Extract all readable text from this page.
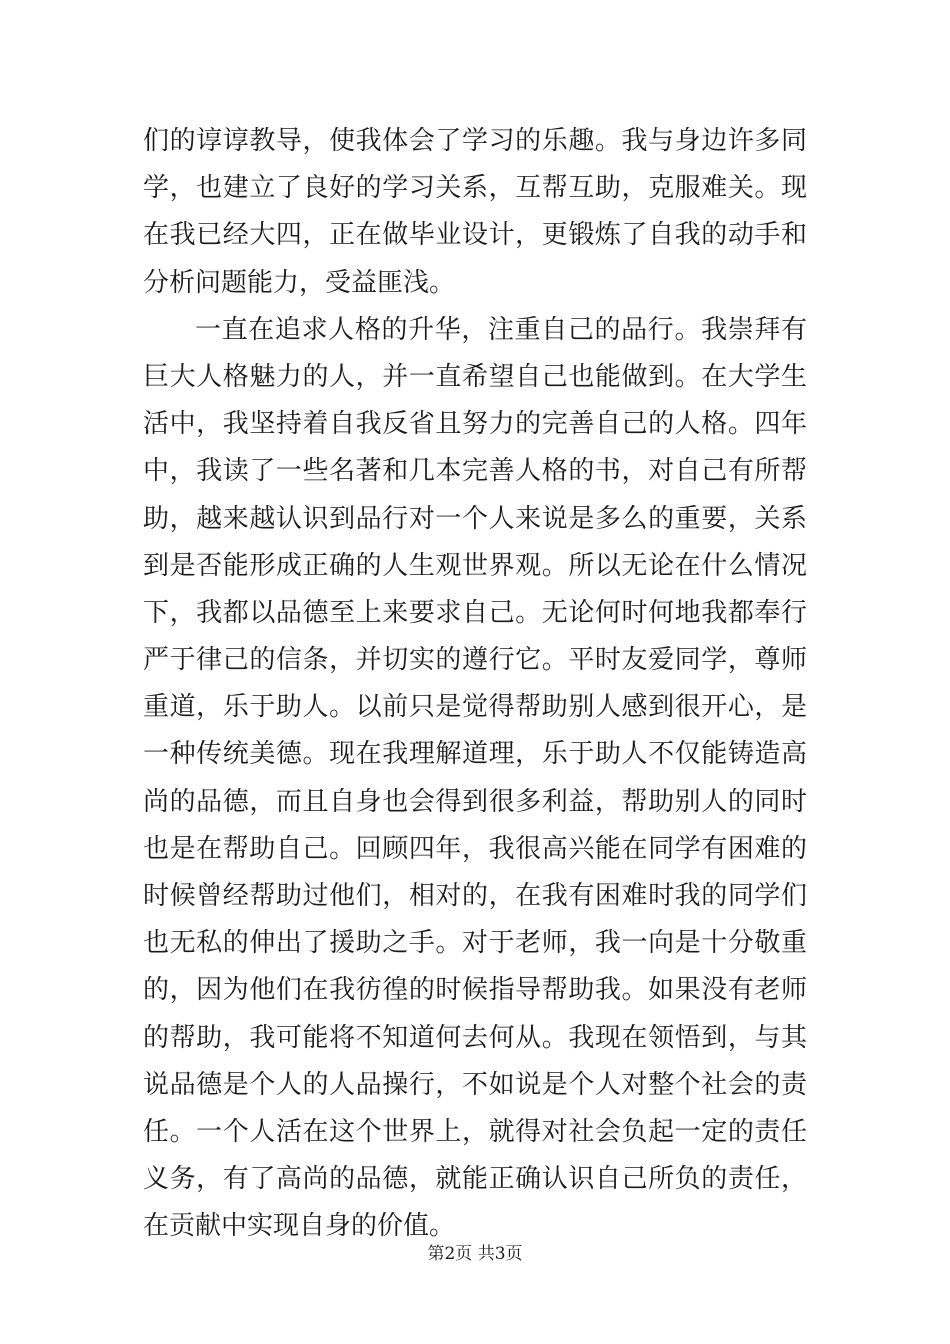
们的谆谆教导，使我体会了学习的乐趣。我与身边许多同
学，也建立了良好的学习关系，互帮互助，克服难关。现
在我已经大四，正在做毕业设计，更锻炼了自我的动手和
分析问题能力，受益匪浅。
一直在追求人格的升华，注重自己的品行。我崇拜有
巨大人格魅力的人，并一直希望自己也能做到。在大学生
活中，我坚持着自我反省且努力的完善自己的人格。四年
中，我读了一些名著和几本完善人格的书，对自己有所帮
助，越来越认识到品行对一个人来说是多么的重要，关系
到是否能形成正确的人生观世界观。所以无论在什么情况
下，我都以品德至上来要求自己。无论何时何地我都奉行
严于律己的信条，并切实的遵行它。平时友爱同学，尊师
重道，乐于助人。以前只是觉得帮助别人感到很开心，是
一种传统美德。现在我理解道理，乐于助人不仅能铸造高
尚的品德，而且自身也会得到很多利益，帮助别人的同时
也是在帮助自己。回顾四年，我很高兴能在同学有困难的
时候曾经帮助过他们，相对的，在我有困难时我的同学们
也无私的伸出了援助之手。对于老师，我一向是十分敬重
的，因为他们在我彷徨的时候指导帮助我。如果没有老师
的帮助，我可能将不知道何去何从。我现在领悟到，与其
说品德是个人的人品操行，不如说是个人对整个社会的责
任。一个人活在这个世界上，就得对社会负起一定的责任
义务，有了高尚的品德，就能正确认识自己所负的责任，
在贡献中实现自身的价值。
第2页 共3页
